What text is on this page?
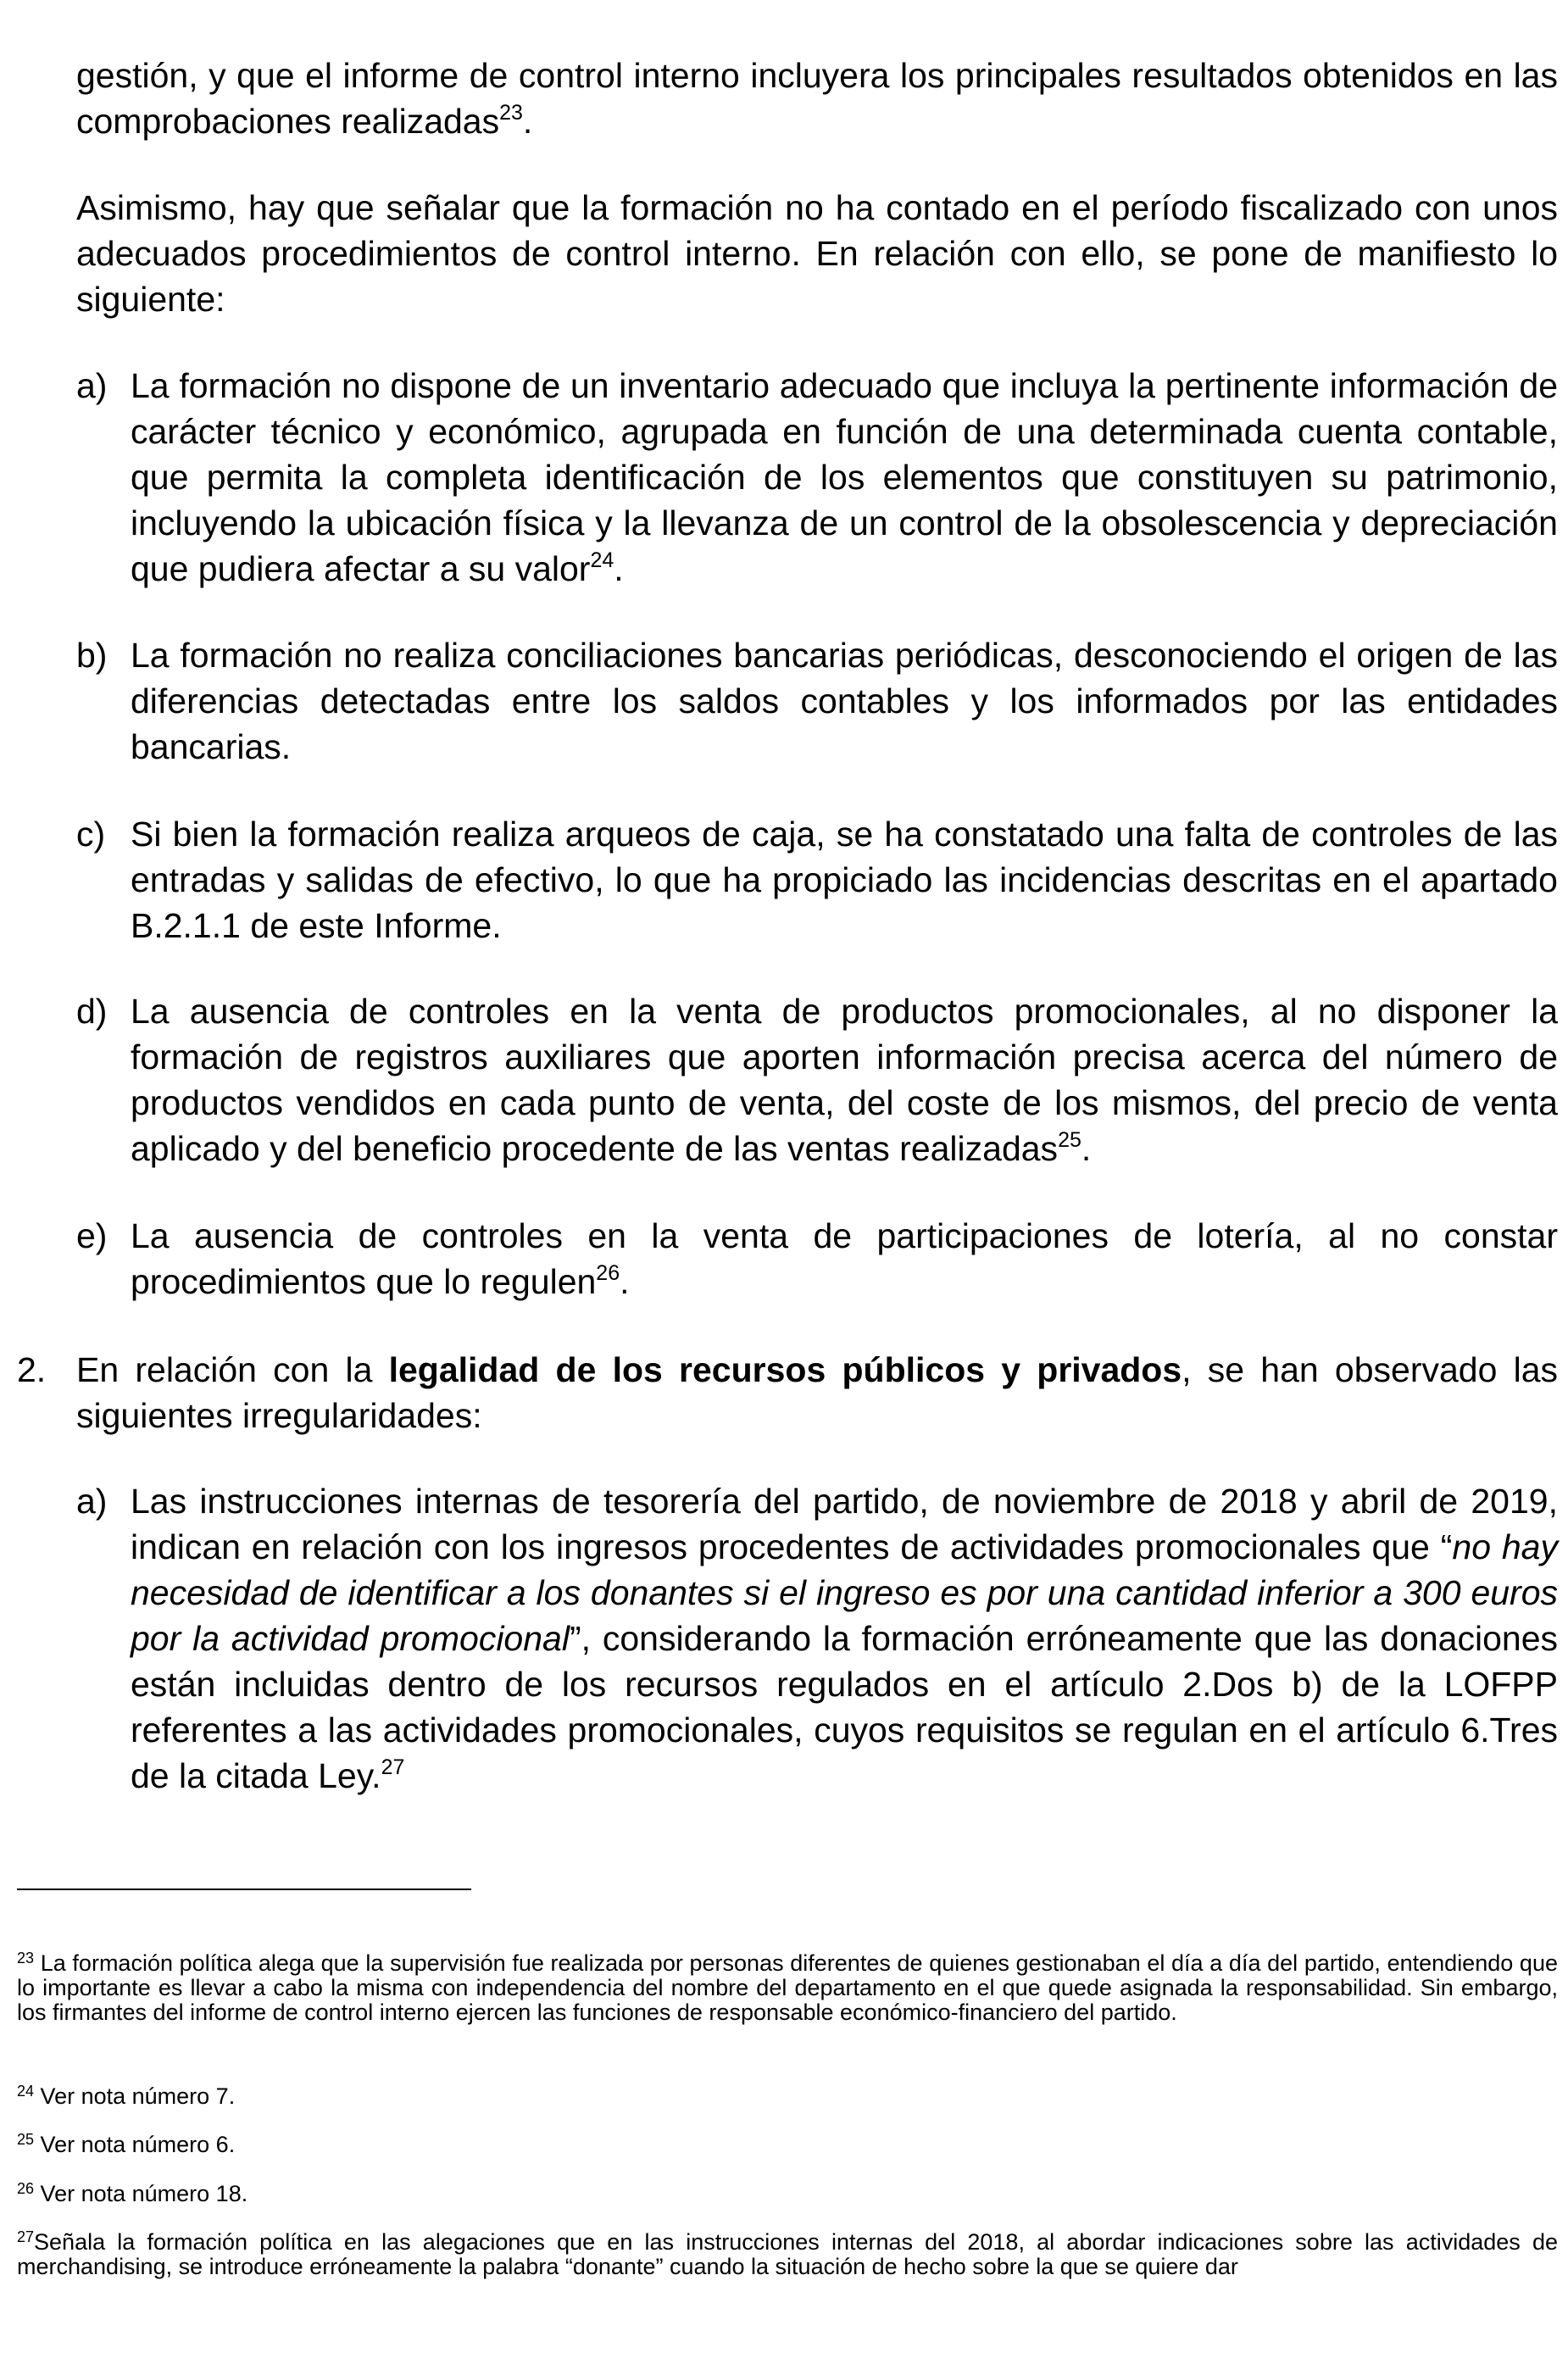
gestión, y que el informe de control interno incluyera los principales resultados obtenidos en las comprobaciones realizadas$^{23}$.

Asimismo, hay que señalar que la formación no ha contado en el período fiscalizado con unos adecuados procedimientos de control interno. En relación con ello, se pone de manifiesto lo siguiente:

a) La formación no dispone de un inventario adecuado que incluya la pertinente información de carácter técnico y económico, agrupada en función de una determinada cuenta contable, que permita la completa identificación de los elementos que constituyen su patrimonio, incluyendo la ubicación física y la llevanza de un control de la obsolescencia y depreciación que pudiera afectar a su valor$^{24}$.
b) La formación no realiza conciliaciones bancarias periódicas, desconociendo el origen de las diferencias detectadas entre los saldos contables y los informados por las entidades bancarias.
c) Si bien la formación realiza arqueos de caja, se ha constatado una falta de controles de las entradas y salidas de efectivo, lo que ha propiciado las incidencias descritas en el apartado B.2.1.1 de este Informe.
d) La ausencia de controles en la venta de productos promocionales, al no disponer la formación de registros auxiliares que aporten información precisa acerca del número de productos vendidos en cada punto de venta, del coste de los mismos, del precio de venta aplicado y del beneficio procedente de las ventas realizadas$^{25}$.
e) La ausencia de controles en la venta de participaciones de lotería, al no constar procedimientos que lo regulen$^{26}$.
2. En relación con la legalidad de los recursos públicos y privados, se han observado las siguientes irregularidades:
a) Las instrucciones internas de tesorería del partido, de noviembre de 2018 y abril de 2019, indican en relación con los ingresos procedentes de actividades promocionales que “no hay necesidad de identificar a los donantes si el ingreso es por una cantidad inferior a 300 euros por la actividad promocional”, considerando la formación erróneamente que las donaciones están incluidas dentro de los recursos regulados en el artículo 2.Dos b) de la LOFPP referentes a las actividades promocionales, cuyos requisitos se regulan en el artículo 6.Tres de la citada Ley.$^{27}$

$^{23}$ La formación política alega que la supervisión fue realizada por personas diferentes de quienes gestionaban el día a día del partido, entendiendo que lo importante es llevar a cabo la misma con independencia del nombre del departamento en el que quede asignada la responsabilidad. Sin embargo, los firmantes del informe de control interno ejercen las funciones de responsable económico-financiero del partido.

$^{24}$ Ver nota número 7.

$^{25}$ Ver nota número 6.

$^{26}$ Ver nota número 18.

$^{27}$Señala la formación política en las alegaciones que en las instrucciones internas del 2018, al abordar indicaciones sobre las actividades de merchandising, se introduce erróneamente la palabra “donante” cuando la situación de hecho sobre la que se quiere dar
